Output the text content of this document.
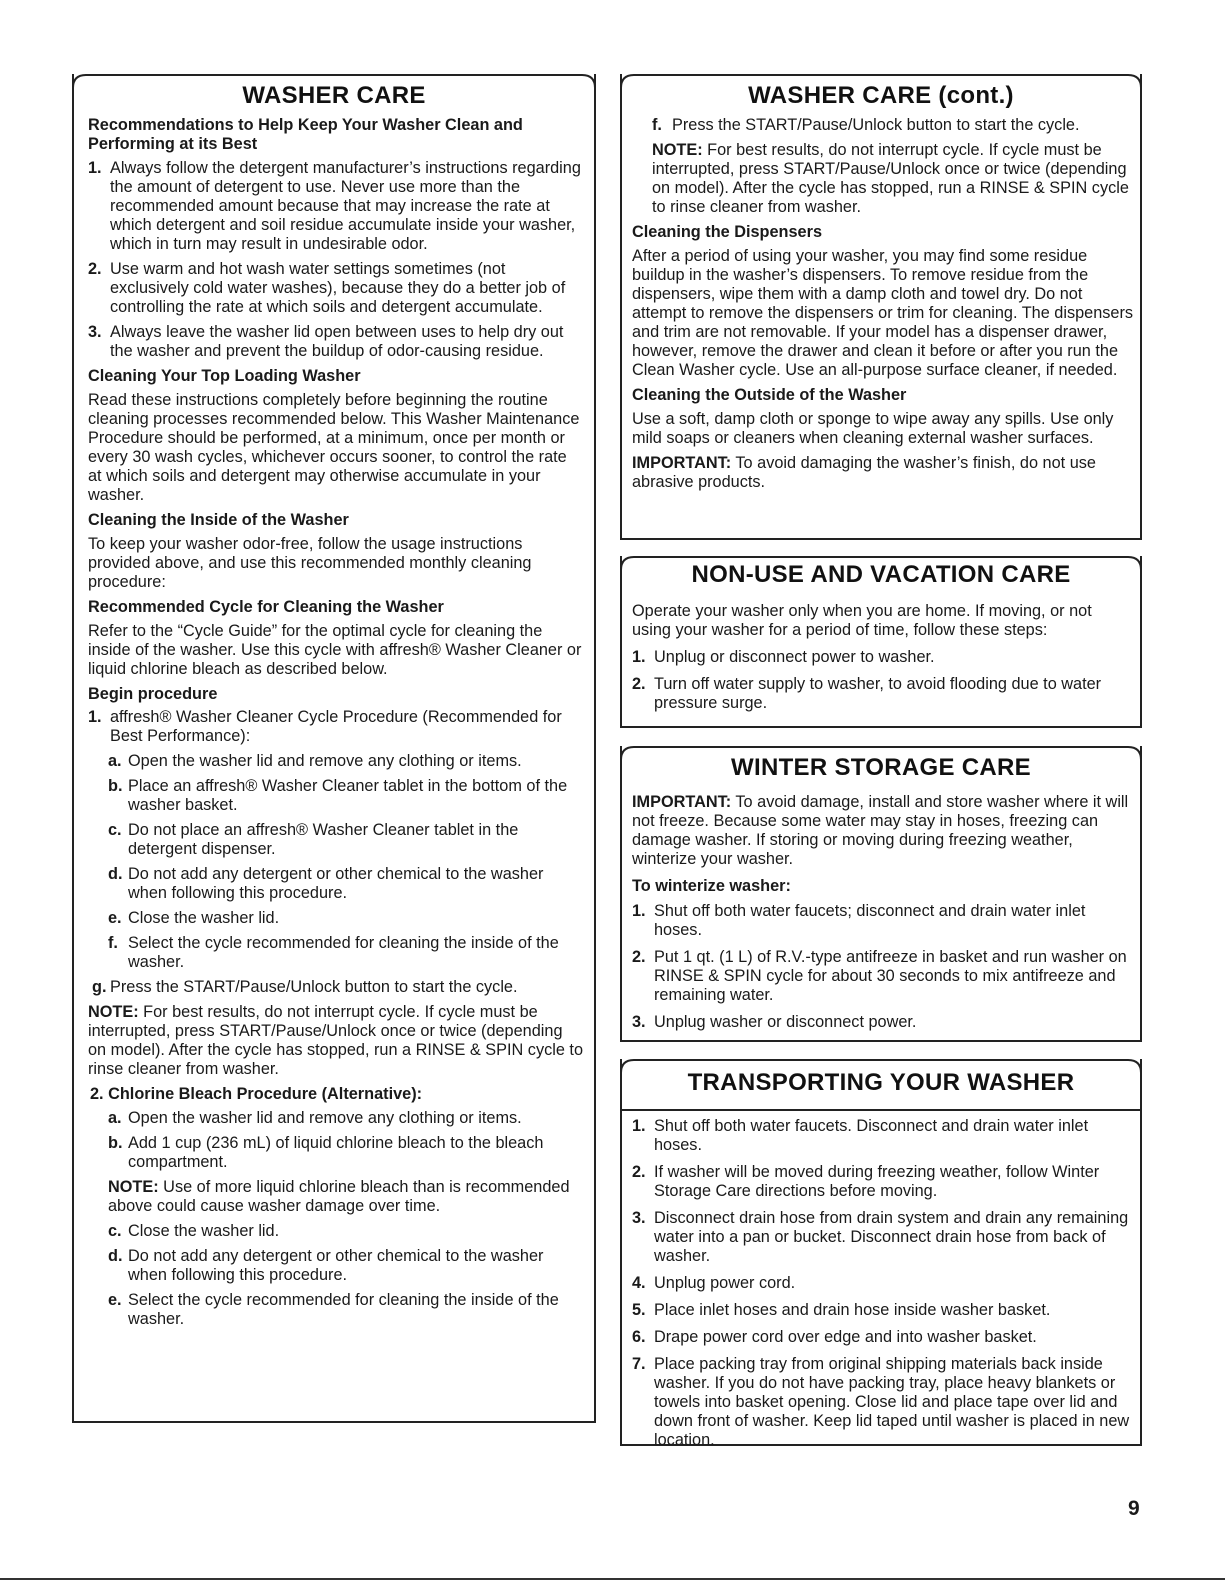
WASHER CARE
Recommendations to Help Keep Your Washer Clean and Performing at its Best
1. Always follow the detergent manufacturer’s instructions regarding the amount of detergent to use. Never use more than the recommended amount because that may increase the rate at which detergent and soil residue accumulate inside your washer, which in turn may result in undesirable odor.
2. Use warm and hot wash water settings sometimes (not exclusively cold water washes), because they do a better job of controlling the rate at which soils and detergent accumulate.
3. Always leave the washer lid open between uses to help dry out the washer and prevent the buildup of odor-causing residue.
Cleaning Your Top Loading Washer
Read these instructions completely before beginning the routine cleaning processes recommended below. This Washer Maintenance Procedure should be performed, at a minimum, once per month or every 30 wash cycles, whichever occurs sooner, to control the rate at which soils and detergent may otherwise accumulate in your washer.
Cleaning the Inside of the Washer
To keep your washer odor-free, follow the usage instructions provided above, and use this recommended monthly cleaning procedure:
Recommended Cycle for Cleaning the Washer
Refer to the “Cycle Guide” for the optimal cycle for cleaning the inside of the washer. Use this cycle with affresh® Washer Cleaner or liquid chlorine bleach as described below.
Begin procedure
1. affresh® Washer Cleaner Cycle Procedure (Recommended for Best Performance):
a. Open the washer lid and remove any clothing or items.
b. Place an affresh® Washer Cleaner tablet in the bottom of the washer basket.
c. Do not place an affresh® Washer Cleaner tablet in the detergent dispenser.
d. Do not add any detergent or other chemical to the washer when following this procedure.
e. Close the washer lid.
f. Select the cycle recommended for cleaning the inside of the washer.
g. Press the START/Pause/Unlock button to start the cycle.
NOTE: For best results, do not interrupt cycle. If cycle must be interrupted, press START/Pause/Unlock once or twice (depending on model). After the cycle has stopped, run a RINSE & SPIN cycle to rinse cleaner from washer.
2. Chlorine Bleach Procedure (Alternative):
a. Open the washer lid and remove any clothing or items.
b. Add 1 cup (236 mL) of liquid chlorine bleach to the bleach compartment.
NOTE: Use of more liquid chlorine bleach than is recommended above could cause washer damage over time.
c. Close the washer lid.
d. Do not add any detergent or other chemical to the washer when following this procedure.
e. Select the cycle recommended for cleaning the inside of the washer.
WASHER CARE (cont.)
f. Press the START/Pause/Unlock button to start the cycle.
NOTE: For best results, do not interrupt cycle. If cycle must be interrupted, press START/Pause/Unlock once or twice (depending on model). After the cycle has stopped, run a RINSE & SPIN cycle to rinse cleaner from washer.
Cleaning the Dispensers
After a period of using your washer, you may find some residue buildup in the washer’s dispensers. To remove residue from the dispensers, wipe them with a damp cloth and towel dry. Do not attempt to remove the dispensers or trim for cleaning. The dispensers and trim are not removable. If your model has a dispenser drawer, however, remove the drawer and clean it before or after you run the Clean Washer cycle. Use an all-purpose surface cleaner, if needed.
Cleaning the Outside of the Washer
Use a soft, damp cloth or sponge to wipe away any spills. Use only mild soaps or cleaners when cleaning external washer surfaces.
IMPORTANT: To avoid damaging the washer’s finish, do not use abrasive products.
NON-USE AND VACATION CARE
Operate your washer only when you are home. If moving, or not using your washer for a period of time, follow these steps:
1. Unplug or disconnect power to washer.
2. Turn off water supply to washer, to avoid flooding due to water pressure surge.
WINTER STORAGE CARE
IMPORTANT: To avoid damage, install and store washer where it will not freeze. Because some water may stay in hoses, freezing can damage washer. If storing or moving during freezing weather, winterize your washer.
To winterize washer:
1. Shut off both water faucets; disconnect and drain water inlet hoses.
2. Put 1 qt. (1 L) of R.V.-type antifreeze in basket and run washer on RINSE & SPIN cycle for about 30 seconds to mix antifreeze and remaining water.
3. Unplug washer or disconnect power.
TRANSPORTING YOUR WASHER
1. Shut off both water faucets. Disconnect and drain water inlet hoses.
2. If washer will be moved during freezing weather, follow Winter Storage Care directions before moving.
3. Disconnect drain hose from drain system and drain any remaining water into a pan or bucket. Disconnect drain hose from back of washer.
4. Unplug power cord.
5. Place inlet hoses and drain hose inside washer basket.
6. Drape power cord over edge and into washer basket.
7. Place packing tray from original shipping materials back inside washer. If you do not have packing tray, place heavy blankets or towels into basket opening. Close lid and place tape over lid and down front of washer. Keep lid taped until washer is placed in new location.
9
